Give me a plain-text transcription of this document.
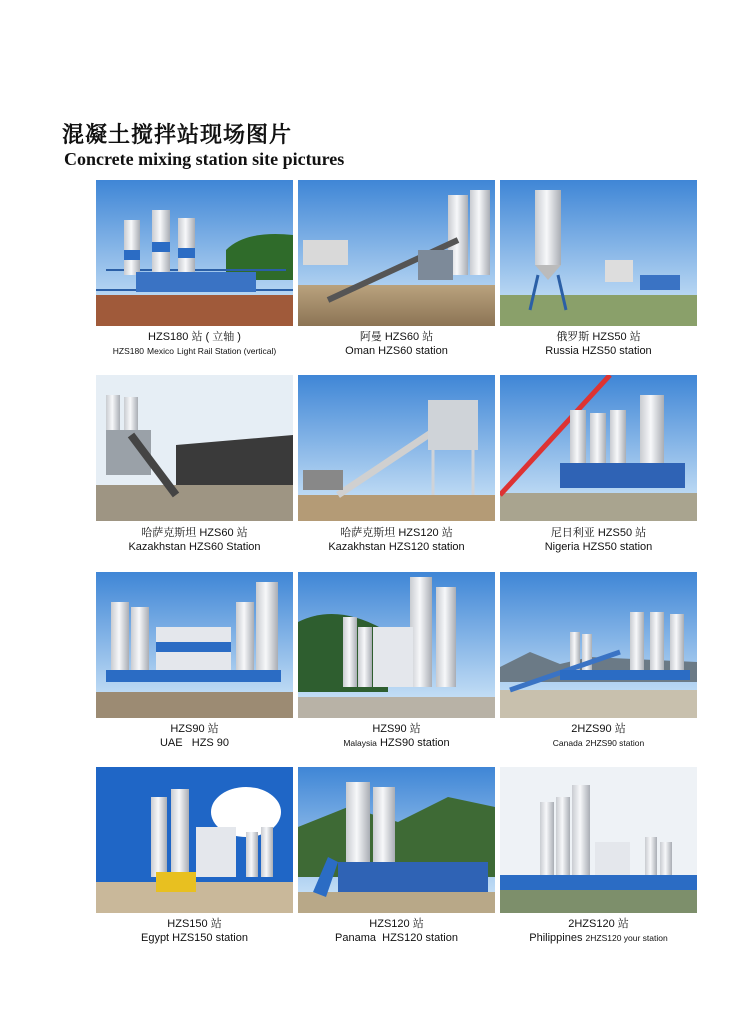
混凝土搅拌站现场图片
Concrete mixing station site pictures
HZS180 站 ( 立轴 )
HZS180 Mexico Light Rail Station (vertical)
阿曼 HZS60 站
Oman HZS60 station
俄罗斯 HZS50 站
Russia HZS50 station
哈萨克斯坦 HZS60 站
Kazakhstan HZS60 Station
哈萨克斯坦 HZS120 站
Kazakhstan HZS120 station
尼日利亚 HZS50 站
Nigeria HZS50 station
HZS90 站
UAE HZS 90
HZS90 站
Malaysia HZS90 station
2HZS90 站
Canada 2HZS90 station
HZS150 站
Egypt HZS150 station
HZS120 站
Panama HZS120 station
2HZS120 站
Philippines 2HZS120 your station
